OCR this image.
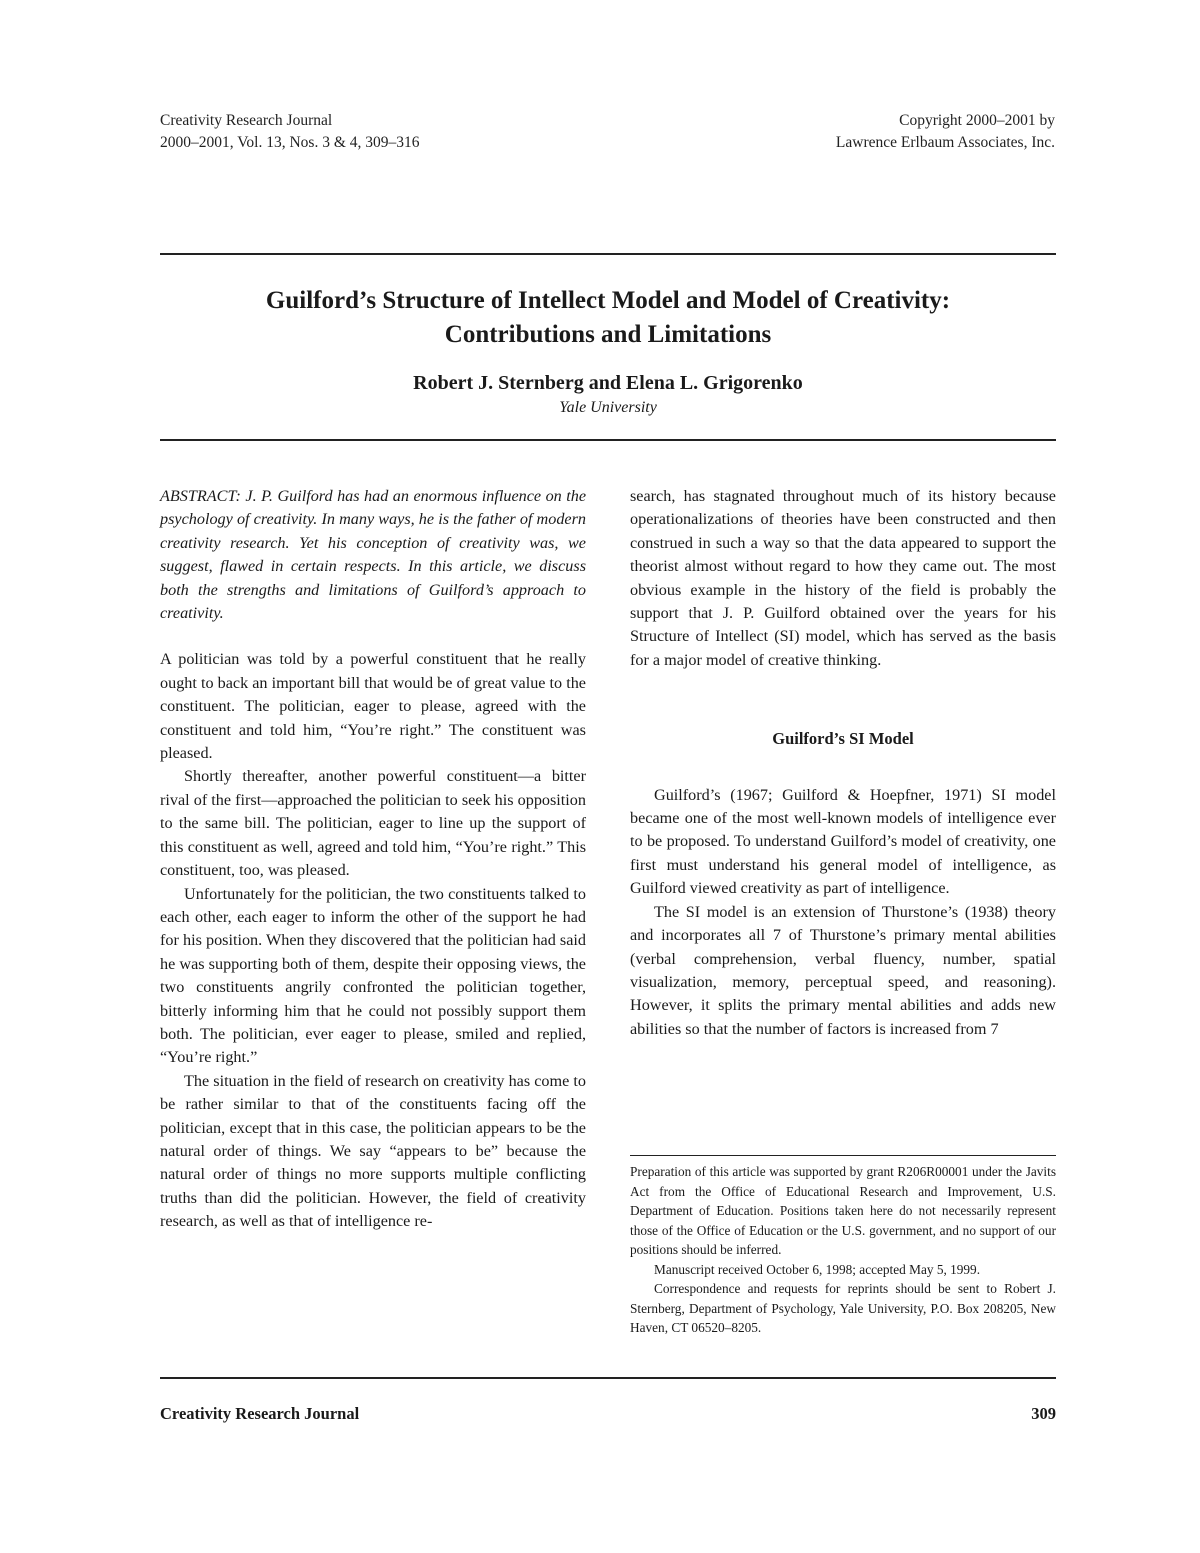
Creativity Research Journal
2000–2001, Vol. 13, Nos. 3 & 4, 309–316
Copyright 2000–2001 by
Lawrence Erlbaum Associates, Inc.
Guilford’s Structure of Intellect Model and Model of Creativity:
Contributions and Limitations
Robert J. Sternberg and Elena L. Grigorenko
Yale University

ABSTRACT: J. P. Guilford has had an enormous influence on the psychology of creativity. In many ways, he is the father of modern creativity research. Yet his conception of creativity was, we suggest, flawed in certain respects. In this article, we discuss both the strengths and limitations of Guilford’s approach to creativity.

A politician was told by a powerful constituent that he really ought to back an important bill that would be of great value to the constituent. The politician, eager to please, agreed with the constituent and told him, “You’re right.” The constituent was pleased.

Shortly thereafter, another powerful constituent—a bitter rival of the first—approached the politician to seek his opposition to the same bill. The politician, eager to line up the support of this constituent as well, agreed and told him, “You’re right.” This constituent, too, was pleased.

Unfortunately for the politician, the two constituents talked to each other, each eager to inform the other of the support he had for his position. When they discovered that the politician had said he was supporting both of them, despite their opposing views, the two constituents angrily confronted the politician together, bitterly informing him that he could not possibly support them both. The politician, ever eager to please, smiled and replied, “You’re right.”

The situation in the field of research on creativity has come to be rather similar to that of the constituents facing off the politician, except that in this case, the politician appears to be the natural order of things. We say “appears to be” because the natural order of things no more supports multiple conflicting truths than did the politician. However, the field of creativity research, as well as that of intelligence re-

search, has stagnated throughout much of its history because operationalizations of theories have been constructed and then construed in such a way so that the data appeared to support the theorist almost without regard to how they came out. The most obvious example in the history of the field is probably the support that J. P. Guilford obtained over the years for his Structure of Intellect (SI) model, which has served as the basis for a major model of creative thinking.

Guilford’s SI Model

Guilford’s (1967; Guilford & Hoepfner, 1971) SI model became one of the most well-known models of intelligence ever to be proposed. To understand Guilford’s model of creativity, one first must understand his general model of intelligence, as Guilford viewed creativity as part of intelligence.

The SI model is an extension of Thurstone’s (1938) theory and incorporates all 7 of Thurstone’s primary mental abilities (verbal comprehension, verbal fluency, number, spatial visualization, memory, perceptual speed, and reasoning). However, it splits the primary mental abilities and adds new abilities so that the number of factors is increased from 7

Preparation of this article was supported by grant R206R00001 under the Javits Act from the Office of Educational Research and Improvement, U.S. Department of Education. Positions taken here do not necessarily represent those of the Office of Education or the U.S. government, and no support of our positions should be inferred.

Manuscript received October 6, 1998; accepted May 5, 1999.

Correspondence and requests for reprints should be sent to Robert J. Sternberg, Department of Psychology, Yale University, P.O. Box 208205, New Haven, CT 06520–8205.

Creativity Research Journal	309
